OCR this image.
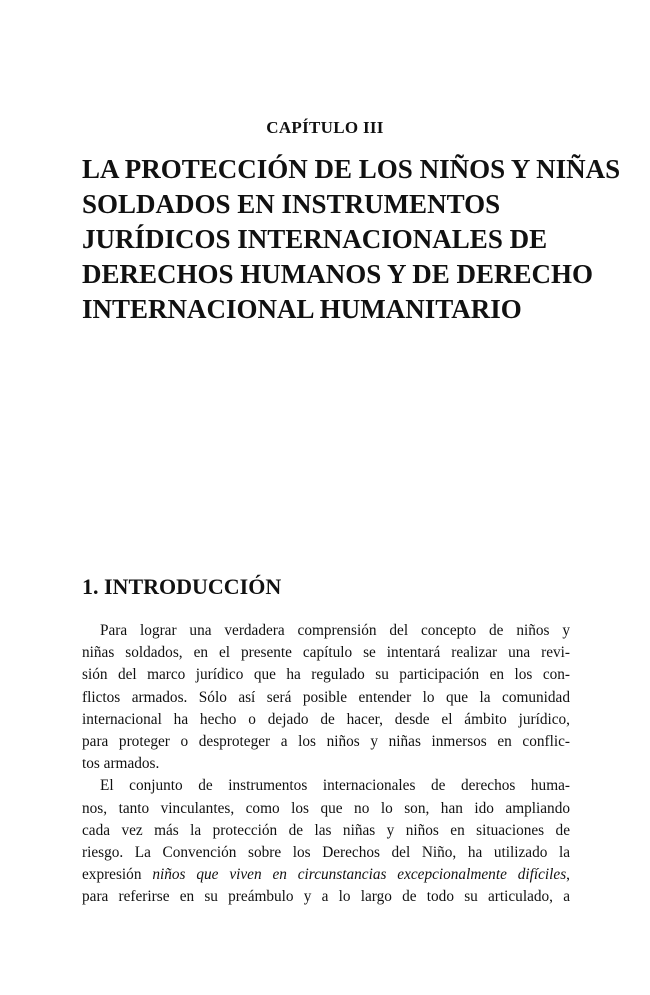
CAPÍTULO III
LA PROTECCIÓN DE LOS NIÑOS Y NIÑAS
SOLDADOS EN INSTRUMENTOS
JURÍDICOS INTERNACIONALES DE
DERECHOS HUMANOS Y DE DERECHO
INTERNACIONAL HUMANITARIO
1. INTRODUCCIÓN
Para lograr una verdadera comprensión del concepto de niños y
niñas soldados, en el presente capítulo se intentará realizar una revi-
sión del marco jurídico que ha regulado su participación en los con-
flictos armados. Sólo así será posible entender lo que la comunidad
internacional ha hecho o dejado de hacer, desde el ámbito jurídico,
para proteger o desproteger a los niños y niñas inmersos en conflic-
tos armados.
El conjunto de instrumentos internacionales de derechos huma-
nos, tanto vinculantes, como los que no lo son, han ido ampliando
cada vez más la protección de las niñas y niños en situaciones de
riesgo. La Convención sobre los Derechos del Niño, ha utilizado la
expresión niños que viven en circunstancias excepcionalmente difíciles,
para referirse en su preámbulo y a lo largo de todo su articulado, a
